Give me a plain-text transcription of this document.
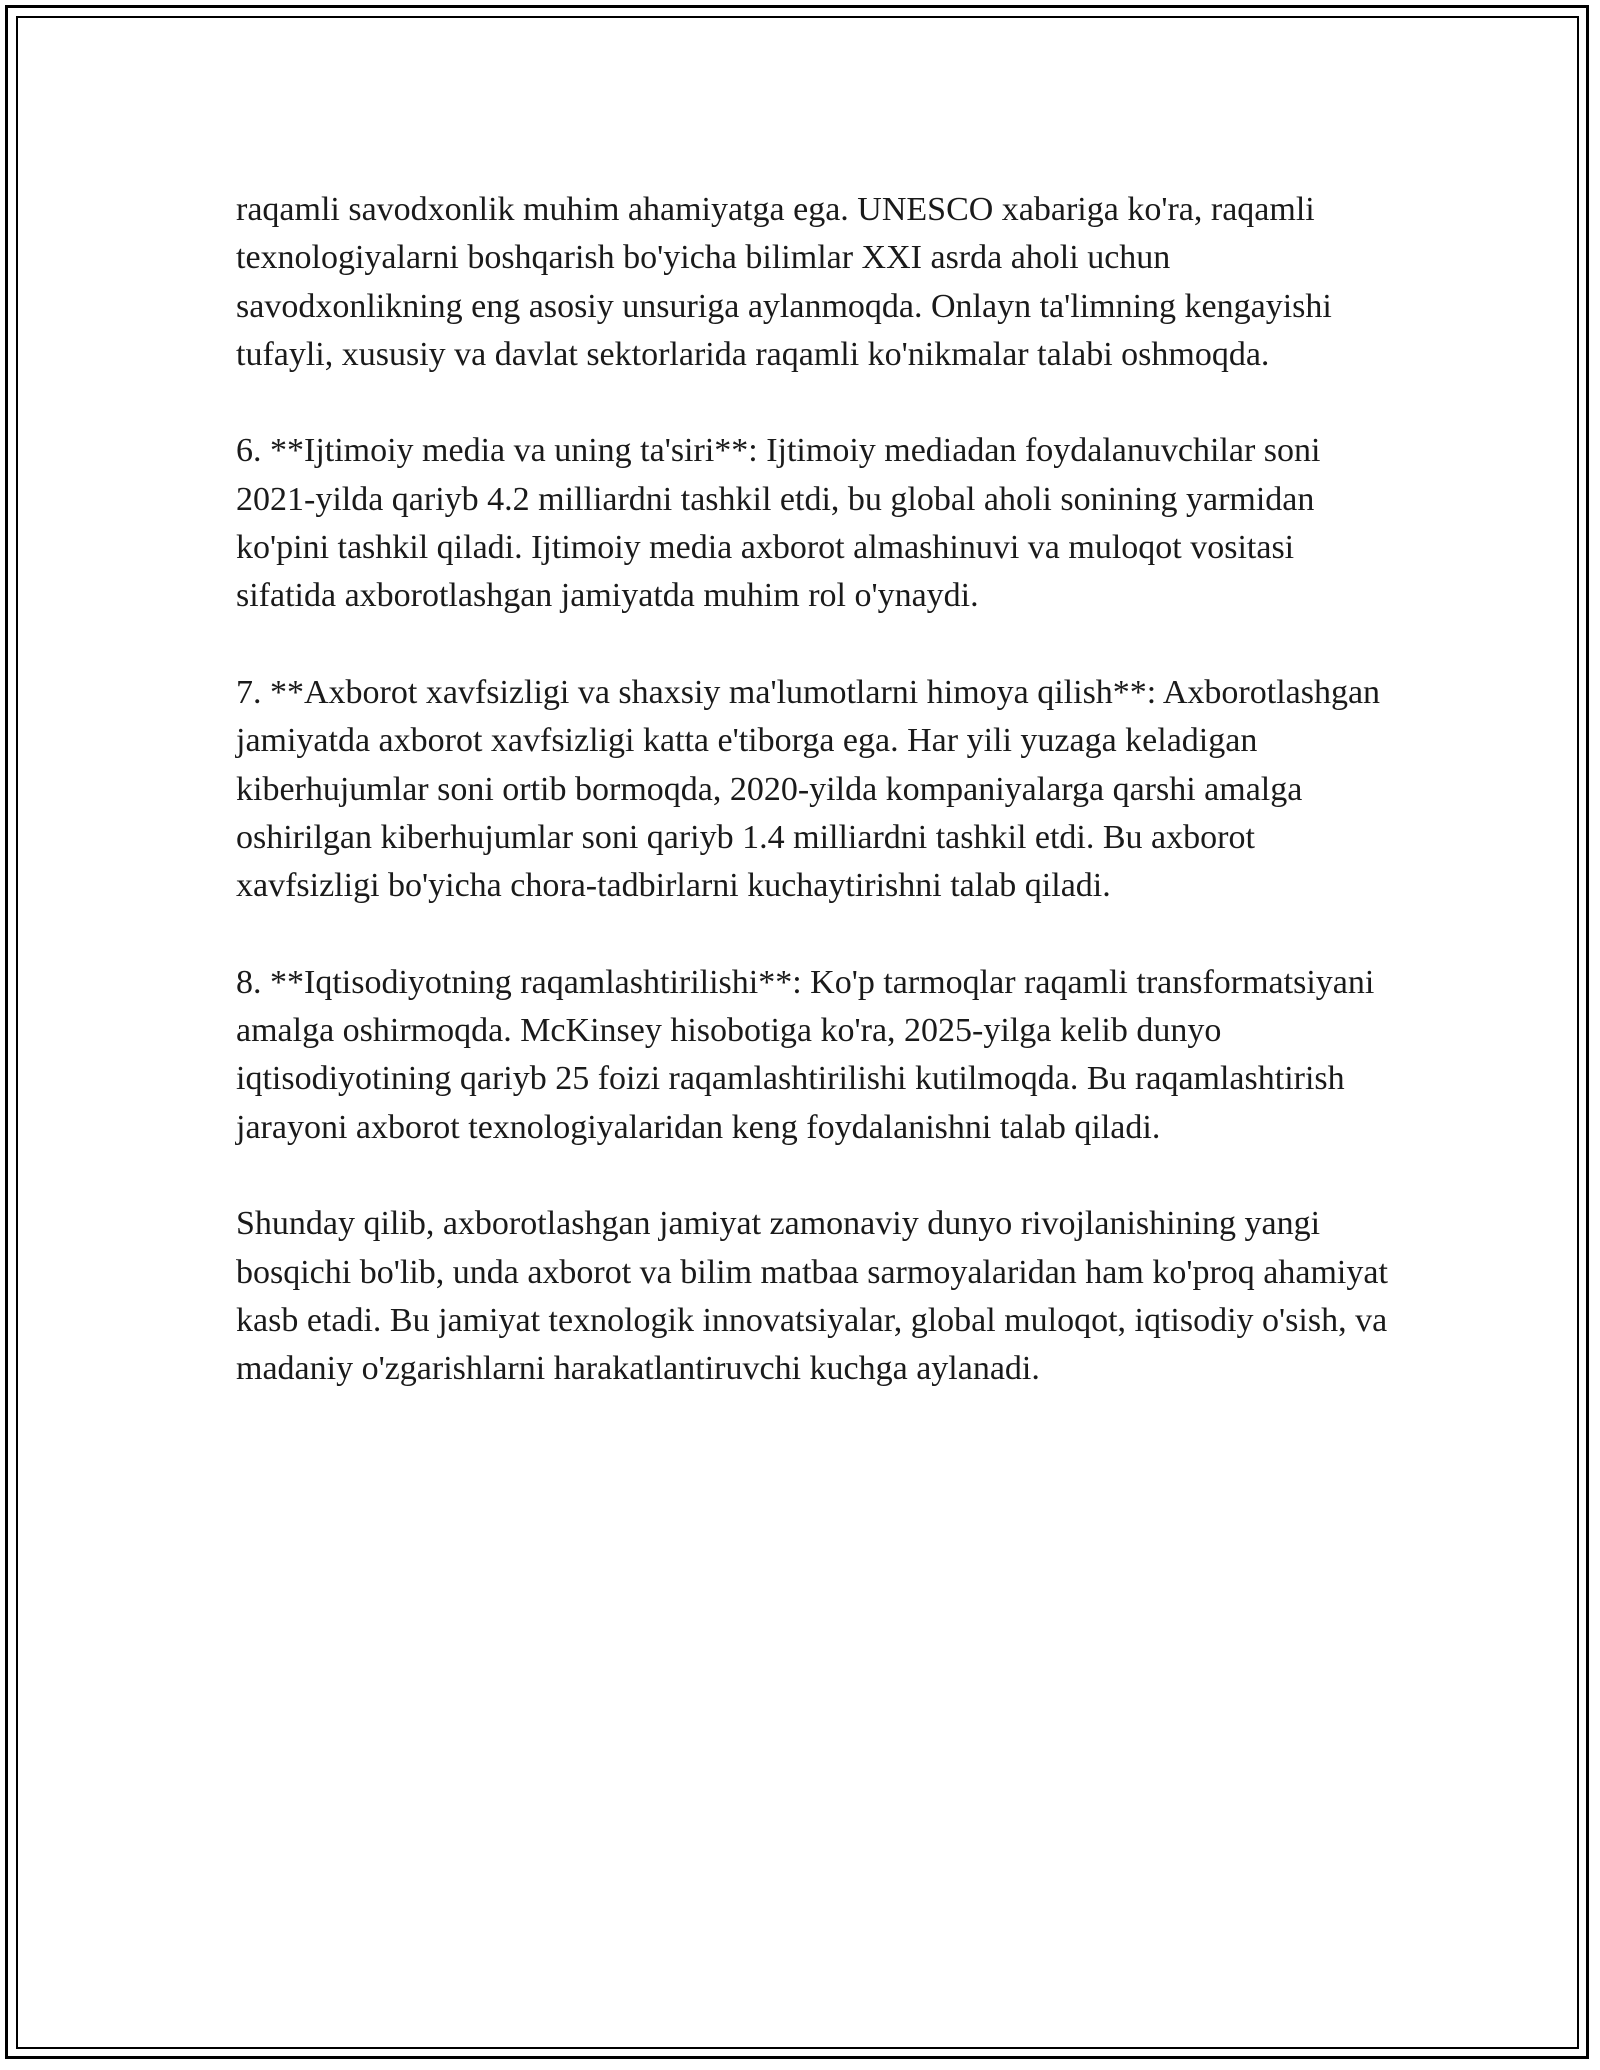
raqamli savodxonlik muhim ahamiyatga ega. UNESCO xabariga ko'ra, raqamli texnologiyalarni boshqarish bo'yicha bilimlar XXI asrda aholi uchun savodxonlikning eng asosiy unsuriga aylanmoqda. Onlayn ta'limning kengayishi tufayli, xususiy va davlat sektorlarida raqamli ko'nikmalar talabi oshmoqda.

6. **Ijtimoiy media va uning ta'siri**: Ijtimoiy mediadan foydalanuvchilar soni 2021-yilda qariyb 4.2 milliardni tashkil etdi, bu global aholi sonining yarmidan ko'pini tashkil qiladi. Ijtimoiy media axborot almashinuvi va muloqot vositasi sifatida axborotlashgan jamiyatda muhim rol o'ynaydi.

7. **Axborot xavfsizligi va shaxsiy ma'lumotlarni himoya qilish**: Axborotlashgan jamiyatda axborot xavfsizligi katta e'tiborga ega. Har yili yuzaga keladigan kiberhujumlar soni ortib bormoqda, 2020-yilda kompaniyalarga qarshi amalga oshirilgan kiberhujumlar soni qariyb 1.4 milliardni tashkil etdi. Bu axborot xavfsizligi bo'yicha chora-tadbirlarni kuchaytirishni talab qiladi.

8. **Iqtisodiyotning raqamlashtirilishi**: Ko'p tarmoqlar raqamli transformatsiyani amalga oshirmoqda. McKinsey hisobotiga ko'ra, 2025-yilga kelib dunyo iqtisodiyotining qariyb 25 foizi raqamlashtirilishi kutilmoqda. Bu raqamlashtirish jarayoni axborot texnologiyalaridan keng foydalanishni talab qiladi.

Shunday qilib, axborotlashgan jamiyat zamonaviy dunyo rivojlanishining yangi bosqichi bo'lib, unda axborot va bilim matbaa sarmoyalaridan ham ko'proq ahamiyat kasb etadi. Bu jamiyat texnologik innovatsiyalar, global muloqot, iqtisodiy o'sish, va madaniy o'zgarishlarni harakatlantiruvchi kuchga aylanadi.
